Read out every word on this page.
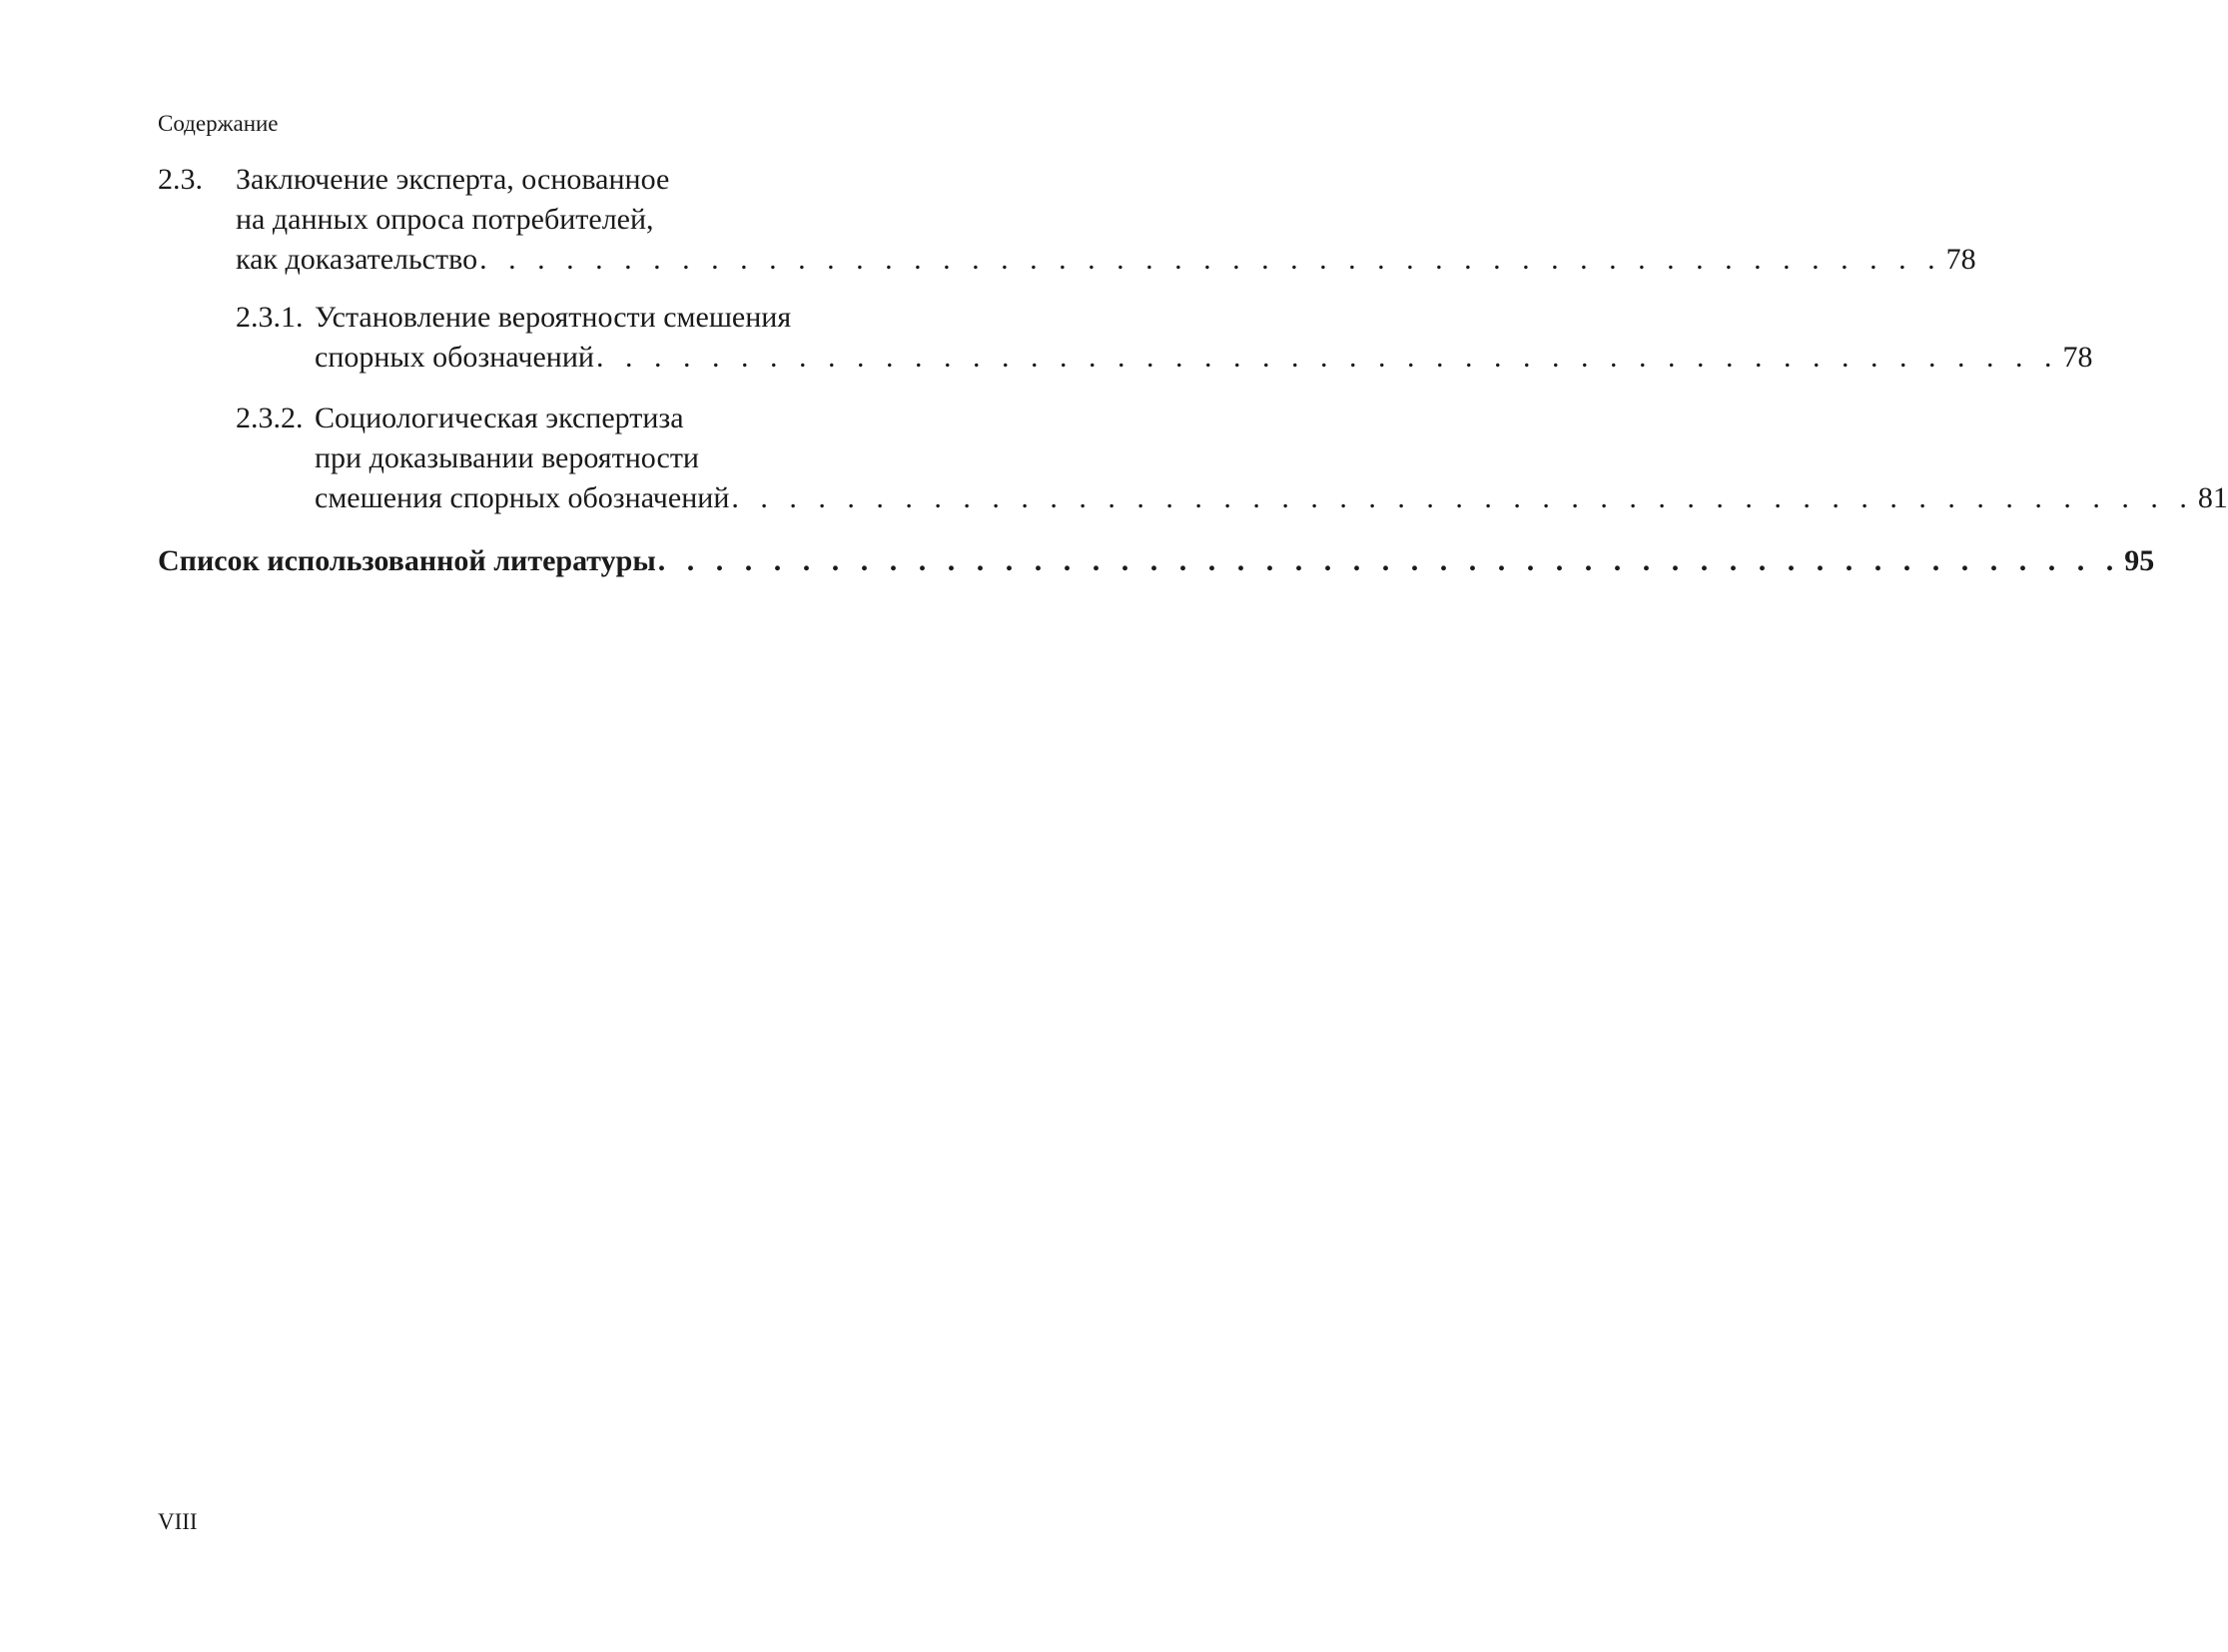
Содержание
2.3.	Заключение эксперта, основанное
на данных опроса потребителей,
как доказательство . . . . . . . . . . . . . . . . . . . . . . . . . . . . . . . . . . . . . . . . . . . . . . . . . . . 78
2.3.1. Установление вероятности смешения
спорных обозначений . . . . . . . . . . . . . . . . . . . . . . . . . . . . . . . . . . . . . . . . . . . . . . . . . . . 78
2.3.2. Социологическая экспертиза
при доказывании вероятности
смешения спорных обозначений . . . . . . . . . . . . . . . . . . . . . . . . . . . . . . . . . . . . . . . . . . . . . . . . . . . 81
Список использованной литературы . . . . . . . . . . . . . . . . . . . . . . . . . . . . . . . . . . . . . . . . . . . . . . . . . . . 95
VIII
